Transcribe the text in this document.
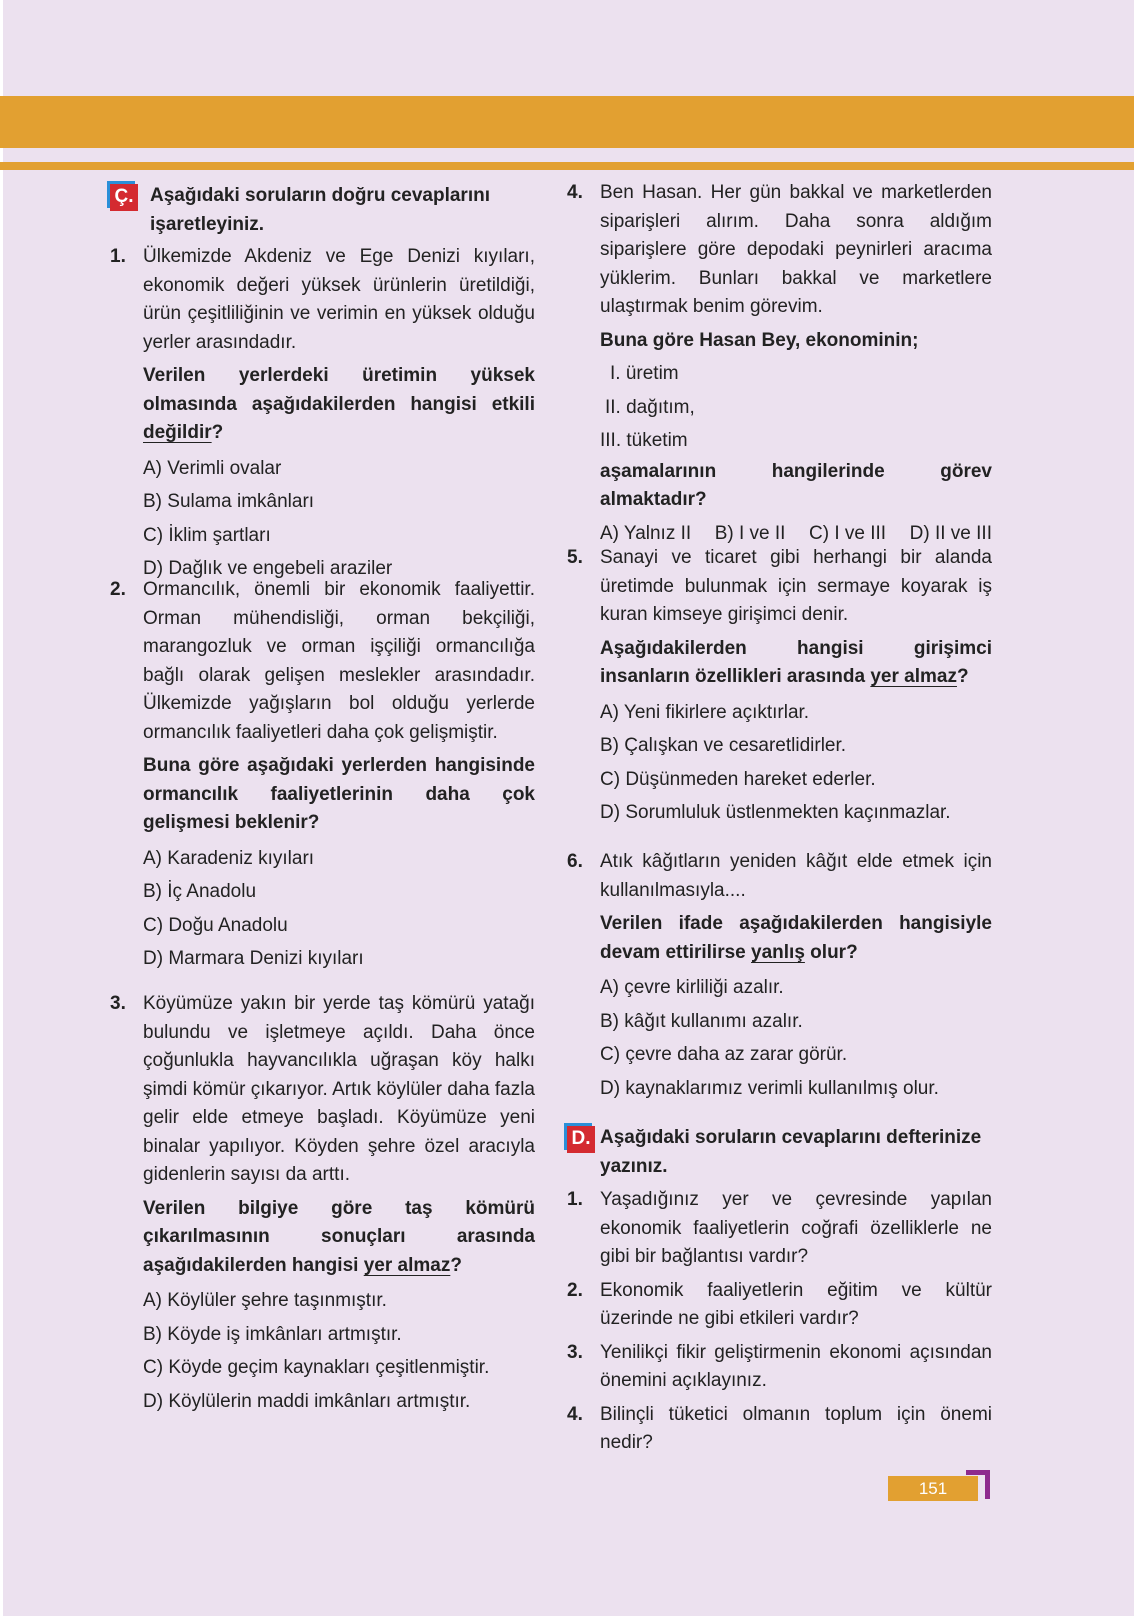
Ç. Aşağıdaki soruların doğru cevaplarını işaretleyiniz.
1. Ülkemizde Akdeniz ve Ege Denizi kıyıları, ekonomik değeri yüksek ürünlerin üretildiği, ürün çeşitliliğinin ve verimin en yüksek olduğu yerler arasındadır.
Verilen yerlerdeki üretimin yüksek olmasında aşağıdakilerden hangisi etkili değildir?
A) Verimli ovalar
B) Sulama imkânları
C) İklim şartları
D) Dağlık ve engebeli araziler
2. Ormancılık, önemli bir ekonomik faaliyettir. Orman mühendisliği, orman bekçiliği, marangozluk ve orman işçiliği ormancılığa bağlı olarak gelişen meslekler arasındadır. Ülkemizde yağışların bol olduğu yerlerde ormancılık faaliyetleri daha çok gelişmiştir.
Buna göre aşağıdaki yerlerden hangisinde ormancılık faaliyetlerinin daha çok gelişmesi beklenir?
A) Karadeniz kıyıları
B) İç Anadolu
C) Doğu Anadolu
D) Marmara Denizi kıyıları
3. Köyümüze yakın bir yerde taş kömürü yatağı bulundu ve işletmeye açıldı. Daha önce çoğunlukla hayvancılıkla uğraşan köy halkı şimdi kömür çıkarıyor. Artık köylüler daha fazla gelir elde etmeye başladı. Köyümüze yeni binalar yapılıyor. Köyden şehre özel aracıyla gidenlerin sayısı da arttı.
Verilen bilgiye göre taş kömürü çıkarılmasının sonuçları arasında aşağıdakilerden hangisi yer almaz?
A) Köylüler şehre taşınmıştır.
B) Köyde iş imkânları artmıştır.
C) Köyde geçim kaynakları çeşitlenmiştir.
D) Köylülerin maddi imkânları artmıştır.
4. Ben Hasan. Her gün bakkal ve marketlerden siparişleri alırım. Daha sonra aldığım siparişlere göre depodaki peynirleri aracıma yüklerim. Bunları bakkal ve marketlere ulaştırmak benim görevim.
Buna göre Hasan Bey, ekonominin;
I. üretim
II. dağıtım,
III. tüketim
aşamalarının hangilerinde görev almaktadır?
A) Yalnız II B) I ve II C) I ve III D) II ve III
5. Sanayi ve ticaret gibi herhangi bir alanda üretimde bulunmak için sermaye koyarak iş kuran kimseye girişimci denir.
Aşağıdakilerden hangisi girişimci insanların özellikleri arasında yer almaz?
A) Yeni fikirlere açıktırlar.
B) Çalışkan ve cesaretlidirler.
C) Düşünmeden hareket ederler.
D) Sorumluluk üstlenmekten kaçınmazlar.
6. Atık kâğıtların yeniden kâğıt elde etmek için kullanılmasıyla....
Verilen ifade aşağıdakilerden hangisiyle devam ettirilirse yanlış olur?
A) çevre kirliliği azalır.
B) kâğıt kullanımı azalır.
C) çevre daha az zarar görür.
D) kaynaklarımız verimli kullanılmış olur.
D. Aşağıdaki soruların cevaplarını defterinize yazınız.
1. Yaşadığınız yer ve çevresinde yapılan ekonomik faaliyetlerin coğrafi özelliklerle ne gibi bir bağlantısı vardır?
2. Ekonomik faaliyetlerin eğitim ve kültür üzerinde ne gibi etkileri vardır?
3. Yenilikçi fikir geliştirmenin ekonomi açısından önemini açıklayınız.
4. Bilinçli tüketici olmanın toplum için önemi nedir?
151
